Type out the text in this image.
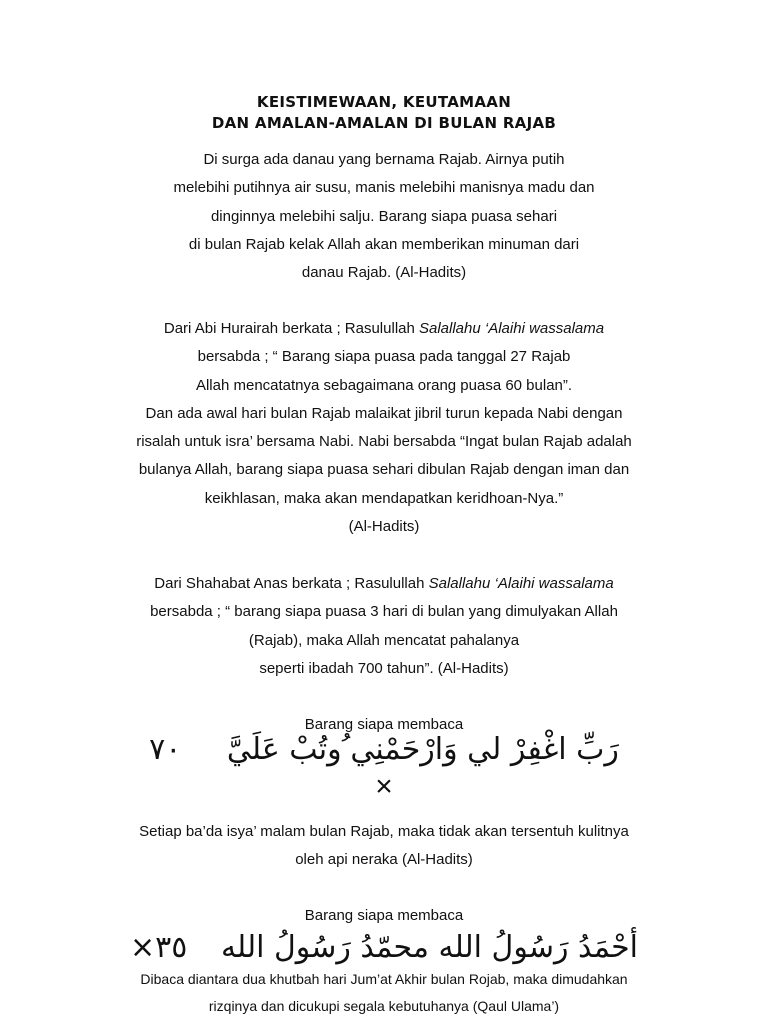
KEISTIMEWAAN, KEUTAMAAN
DAN AMALAN-AMALAN DI BULAN RAJAB

Di surga ada danau yang bernama Rajab. Airnya putih
melebihi putihnya air susu, manis melebihi manisnya madu dan
dinginnya melebihi salju. Barang siapa puasa sehari
di bulan Rajab kelak Allah akan memberikan minuman dari
danau Rajab. (Al-Hadits)

Dari Abi Hurairah berkata ; Rasulullah Salallahu ‘Alaihi wassalama
bersabda ; “ Barang siapa puasa pada tanggal 27 Rajab
Allah mencatatnya sebagaimana orang puasa 60 bulan”.
Dan ada awal hari bulan Rajab malaikat jibril turun kepada Nabi dengan
risalah untuk isra’ bersama Nabi. Nabi bersabda “Ingat bulan Rajab adalah
bulanya Allah, barang siapa puasa sehari dibulan Rajab dengan iman dan
keikhlasan, maka akan mendapatkan keridhoan-Nya.”
(Al-Hadits)

Dari Shahabat Anas berkata ; Rasulullah Salallahu ‘Alaihi wassalama
bersabda ; “ barang siapa puasa 3 hari di bulan yang dimulyakan Allah
(Rajab), maka Allah mencatat pahalanya
seperti ibadah 700 tahun”. (Al-Hadits)

Barang siapa membaca

٧٠ رَبِّ اغْفِرْ لي وَارْحَمْنِي ُوتُبْ عَلَيَّ

×

Setiap ba’da isya’ malam bulan Rajab, maka tidak akan tersentuh kulitnya
oleh api neraka (Al-Hadits)

Barang siapa membaca

×٣٥ أحْمَدُ رَسُولُ الله محمّدُ رَسُولُ الله

Dibaca diantara dua khutbah hari Jum’at Akhir bulan Rojab, maka dimudahkan
rizqinya dan dicukupi segala kebutuhanya (Qaul Ulama’)
